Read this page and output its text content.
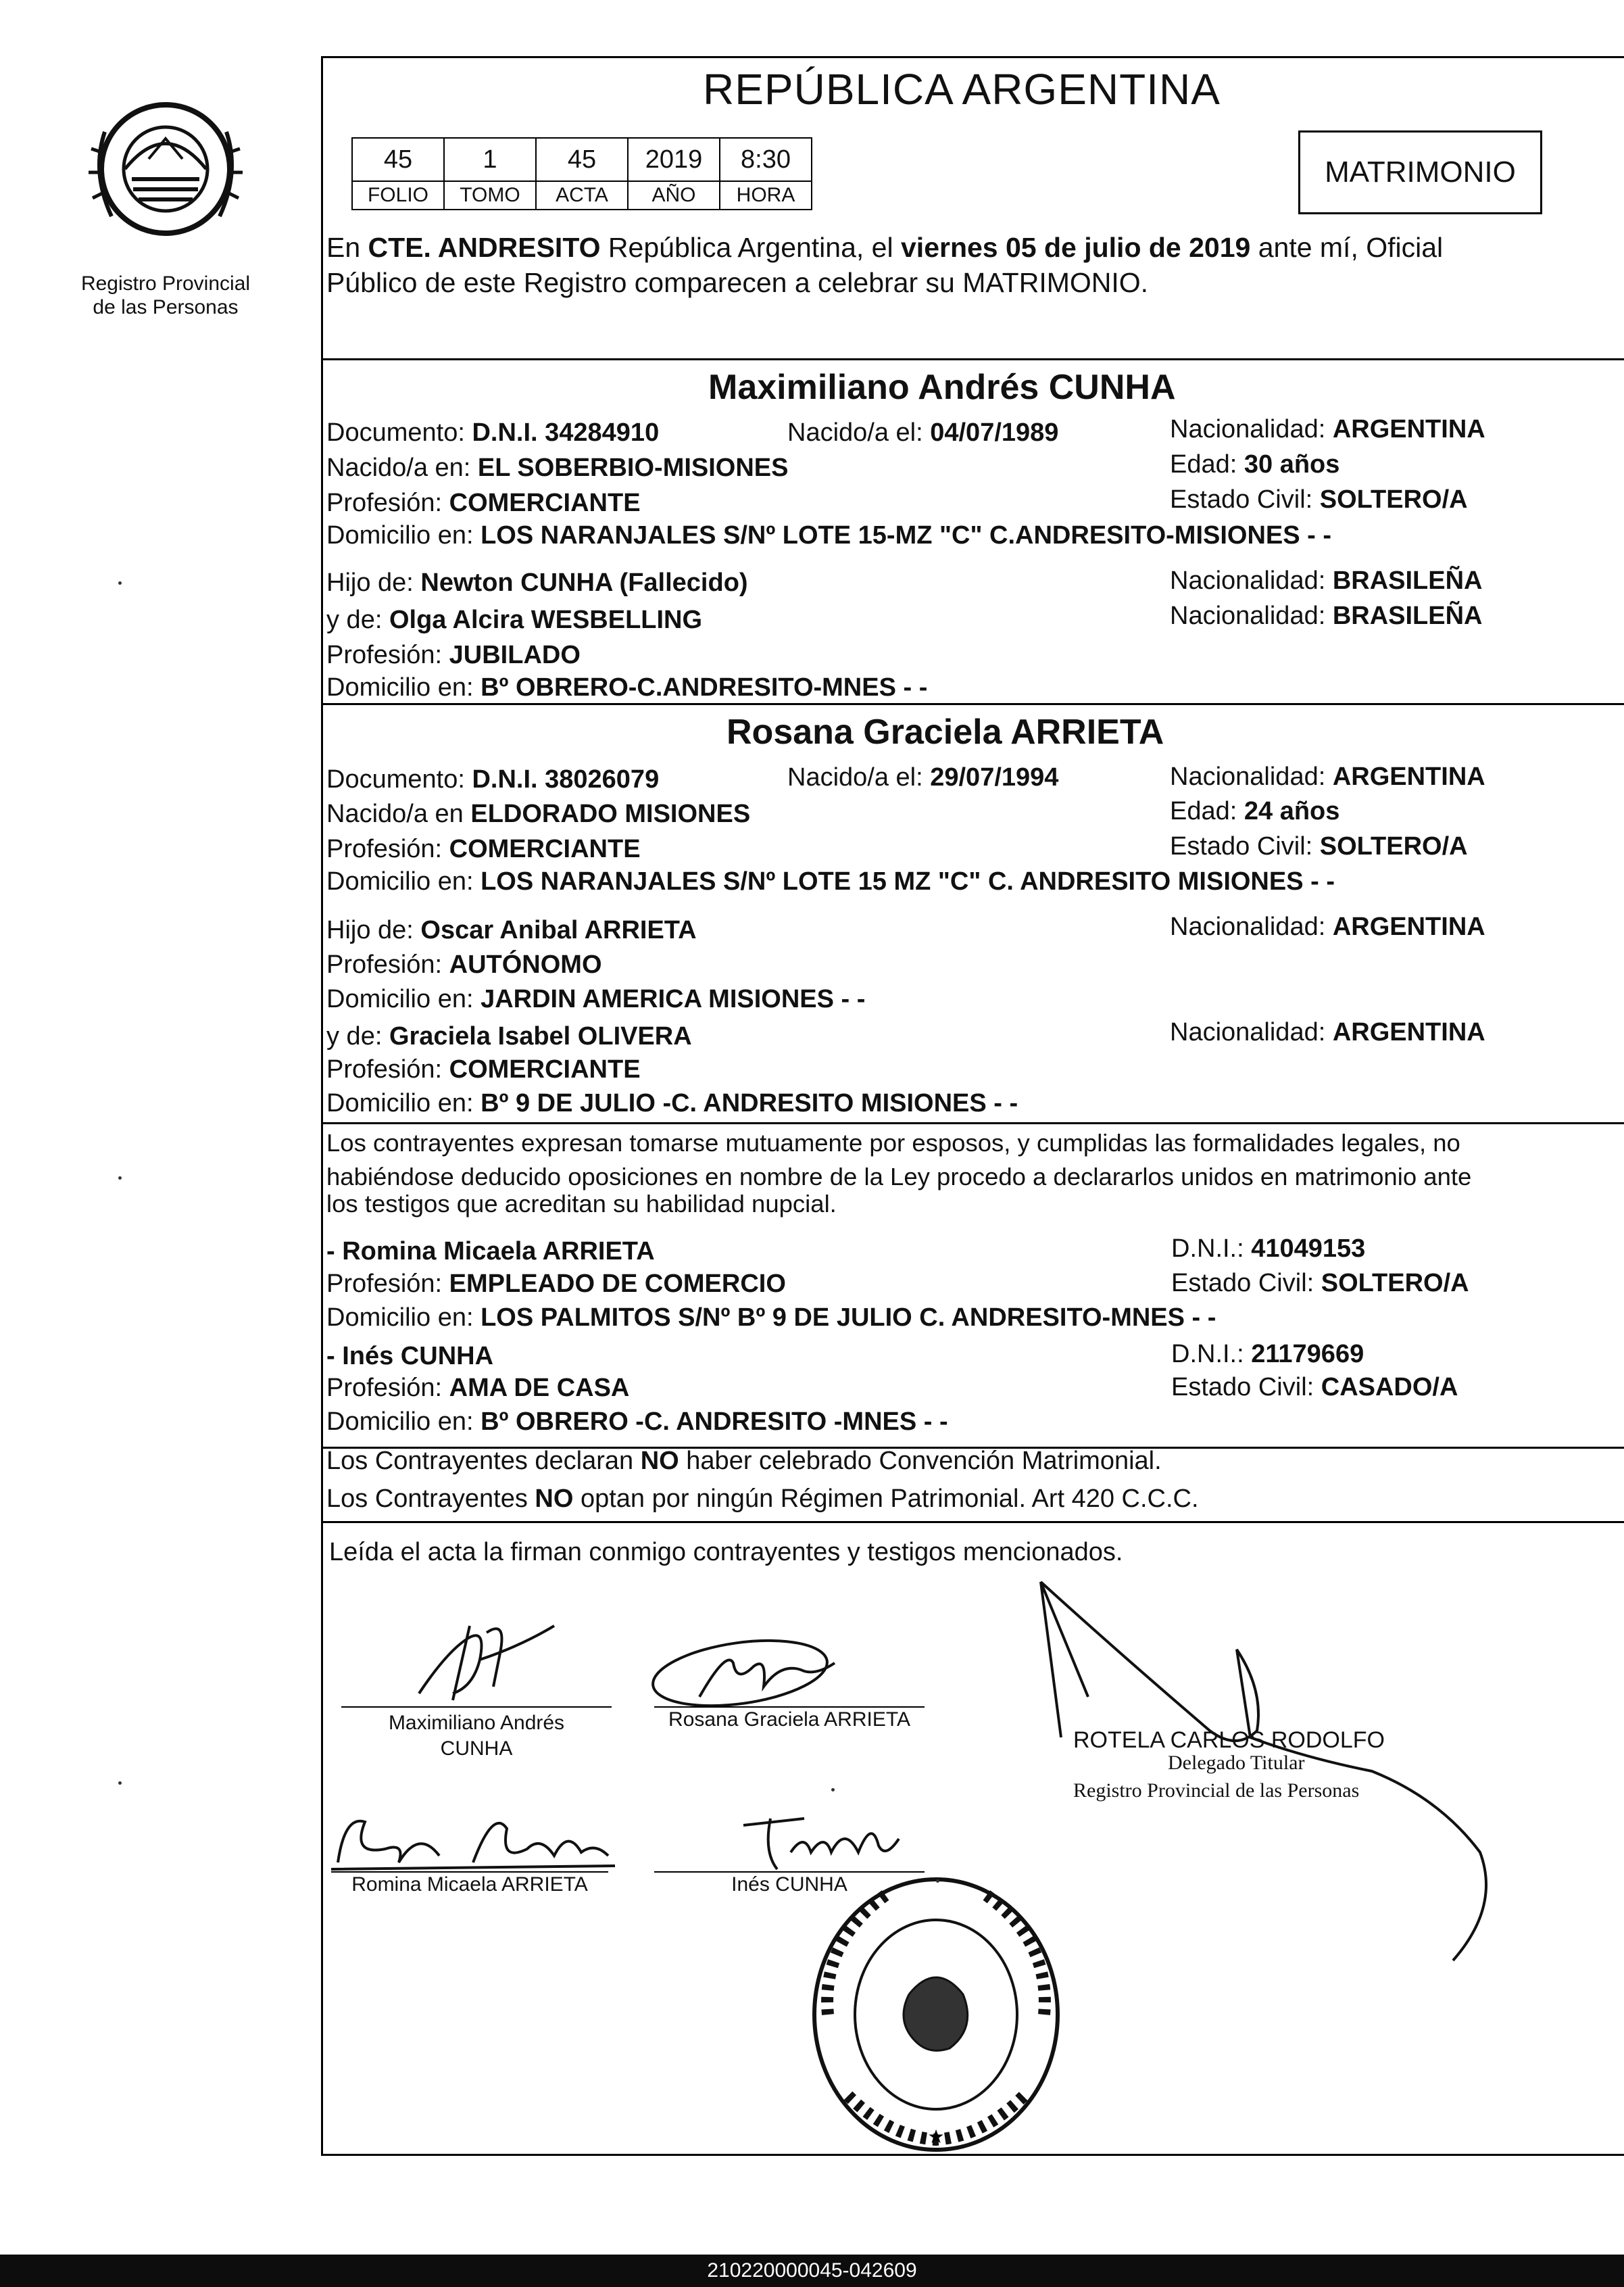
Registro Provincial
de las Personas
REPÚBLICA ARGENTINA
45	1	45	2019	8:30
FOLIO	TOMO	ACTA	AÑO	HORA
MATRIMONIO
En CTE. ANDRESITO República Argentina, el viernes 05 de julio de 2019 ante mí, Oficial
Público de este Registro comparecen a celebrar su MATRIMONIO.
Maximiliano Andrés CUNHA
Documento: D.N.I. 34284910	Nacido/a el: 04/07/1989	Nacionalidad: ARGENTINA
Nacido/a en: EL SOBERBIO-MISIONES	Edad: 30 años
Profesión: COMERCIANTE	Estado Civil: SOLTERO/A
Domicilio en: LOS NARANJALES S/Nº LOTE 15-MZ "C" C.ANDRESITO-MISIONES - -
Hijo de: Newton CUNHA (Fallecido)	Nacionalidad: BRASILEÑA
y de: Olga Alcira WESBELLING	Nacionalidad: BRASILEÑA
Profesión: JUBILADO
Domicilio en: Bº OBRERO-C.ANDRESITO-MNES - -
Rosana Graciela ARRIETA
Documento: D.N.I. 38026079	Nacido/a el: 29/07/1994	Nacionalidad: ARGENTINA
Nacido/a en ELDORADO MISIONES	Edad: 24 años
Profesión: COMERCIANTE	Estado Civil: SOLTERO/A
Domicilio en: LOS NARANJALES S/Nº LOTE 15 MZ "C" C. ANDRESITO MISIONES - -
Hijo de: Oscar Anibal ARRIETA	Nacionalidad: ARGENTINA
Profesión: AUTÓNOMO
Domicilio en: JARDIN AMERICA MISIONES - -
y de: Graciela Isabel OLIVERA	Nacionalidad: ARGENTINA
Profesión: COMERCIANTE
Domicilio en: Bº 9 DE JULIO -C. ANDRESITO MISIONES - -
Los contrayentes expresan tomarse mutuamente por esposos, y cumplidas las formalidades legales, no
habiéndose deducido oposiciones en nombre de la Ley procedo a declararlos unidos en matrimonio ante
los testigos que acreditan su habilidad nupcial.
- Romina Micaela ARRIETA	D.N.I.: 41049153
Profesión: EMPLEADO DE COMERCIO	Estado Civil: SOLTERO/A
Domicilio en: LOS PALMITOS S/Nº Bº 9 DE JULIO C. ANDRESITO-MNES - -
- Inés CUNHA	D.N.I.: 21179669
Profesión: AMA DE CASA	Estado Civil: CASADO/A
Domicilio en: Bº OBRERO -C. ANDRESITO -MNES - -
Los Contrayentes declaran NO haber celebrado Convención Matrimonial.
Los Contrayentes NO optan por ningún Régimen Patrimonial. Art 420 C.C.C.
Leída el acta la firman conmigo contrayentes y testigos mencionados.
Maximiliano Andrés
CUNHA
Rosana Graciela ARRIETA
Romina Micaela ARRIETA	Inés CUNHA
ROTELA CARLOS RODOLFO
Delegado Titular
Registro Provincial de las Personas
★
210220000045-042609
